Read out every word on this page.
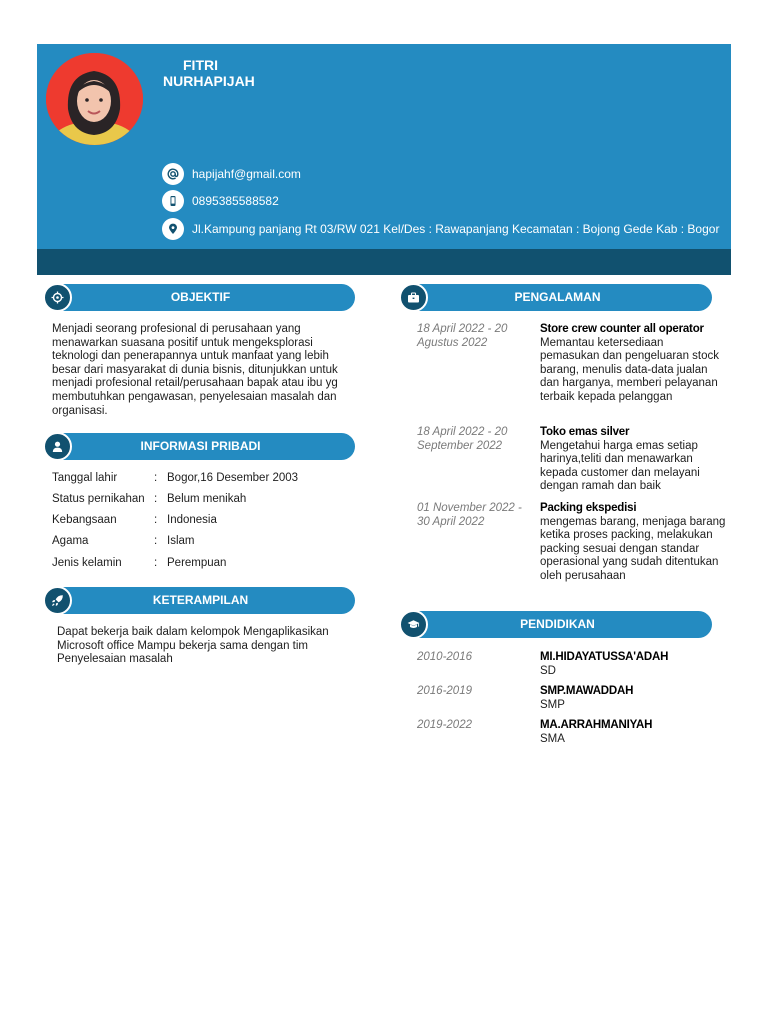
FITRI
NURHAPIJAH
hapijahf@gmail.com
0895385588582
Jl.Kampung panjang Rt 03/RW 021 Kel/Des : Rawapanjang Kecamatan : Bojong Gede Kab : Bogor
OBJEKTIF
Menjadi seorang profesional di perusahaan yang menawarkan suasana positif untuk mengeksplorasi teknologi dan penerapannya untuk manfaat yang lebih besar dari masyarakat di dunia bisnis, ditunjukkan untuk menjadi profesional retail/perusahaan bapak atau ibu yg membutuhkan pengawasan, penyelesaian masalah dan organisasi.
INFORMASI PRIBADI
Tanggal lahir	: Bogor,16 Desember 2003
Status pernikahan : Belum menikah
Kebangsaan	: Indonesia
Agama	: Islam
Jenis kelamin	: Perempuan
KETERAMPILAN
Dapat bekerja baik dalam kelompok Mengaplikasikan Microsoft office Mampu bekerja sama dengan tim Penyelesaian masalah
PENGALAMAN
18 April 2022 - 20 Agustus 2022
Store crew counter all operator
Memantau ketersediaan pemasukan dan pengeluaran stock barang, menulis data-data jualan dan harganya, memberi pelayanan terbaik kepada pelanggan
18 April 2022 - 20 September 2022
Toko emas silver
Mengetahui harga emas setiap harinya,teliti dan menawarkan kepada customer dan melayani dengan ramah dan baik
01 November 2022 - 30 April 2022
Packing ekspedisi
mengemas barang, menjaga barang ketika proses packing, melakukan packing sesuai dengan standar operasional yang sudah ditentukan oleh perusahaan
PENDIDIKAN
2010-2016	MI.HIDAYATUSSA'ADAH
SD
2016-2019	SMP.MAWADDAH
SMP
2019-2022	MA.ARRAHMANIYAH
SMA
